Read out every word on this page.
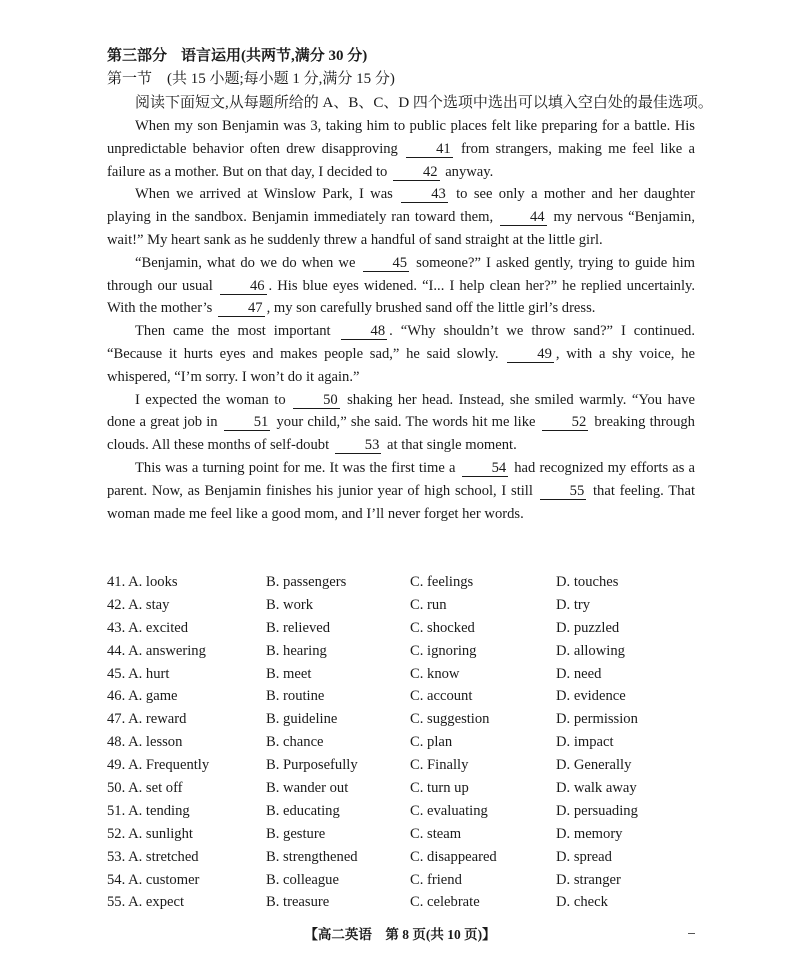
第三部分 语言运用(共两节,满分 30 分)
第一节　(共 15 小题;每小题 1 分,满分 15 分)
阅读下面短文,从每题所给的 A、B、C、D 四个选项中选出可以填入空白处的最佳选项。

When my son Benjamin was 3, taking him to public places felt like preparing for a battle. His unpredictable behavior often drew disapproving 41 from strangers, making me feel like a failure as a mother. But on that day, I decided to 42 anyway.

When we arrived at Winslow Park, I was 43 to see only a mother and her daughter playing in the sandbox. Benjamin immediately ran toward them, 44 my nervous “Benjamin, wait!” My heart sank as he suddenly threw a handful of sand straight at the little girl.

“Benjamin, what do we do when we 45 someone?” I asked gently, trying to guide him through our usual 46 . His blue eyes widened. “I... I help clean her?” he replied uncertainly. With the mother’s 47 , my son carefully brushed sand off the little girl’s dress.

Then came the most important 48 . “Why shouldn’t we throw sand?” I continued. “Because it hurts eyes and makes people sad,” he said slowly. 49 , with a shy voice, he whispered, “I’m sorry. I won’t do it again.”

I expected the woman to 50 shaking her head. Instead, she smiled warmly. “You have done a great job in 51 your child,” she said. The words hit me like 52 breaking through clouds. All these months of self-doubt 53 at that single moment.

This was a turning point for me. It was the first time a 54 had recognized my efforts as a parent. Now, as Benjamin finishes his junior year of high school, I still 55 that feeling. That woman made me feel like a good mom, and I’ll never forget her words.

41. A. looks	B. passengers	C. feelings	D. touches
42. A. stay	B. work	C. run	D. try
43. A. excited	B. relieved	C. shocked	D. puzzled
44. A. answering	B. hearing	C. ignoring	D. allowing
45. A. hurt	B. meet	C. know	D. need
46. A. game	B. routine	C. account	D. evidence
47. A. reward	B. guideline	C. suggestion	D. permission
48. A. lesson	B. chance	C. plan	D. impact
49. A. Frequently	B. Purposefully	C. Finally	D. Generally
50. A. set off	B. wander out	C. turn up	D. walk away
51. A. tending	B. educating	C. evaluating	D. persuading
52. A. sunlight	B. gesture	C. steam	D. memory
53. A. stretched	B. strengthened	C. disappeared	D. spread
54. A. customer	B. colleague	C. friend	D. stranger
55. A. expect	B. treasure	C. celebrate	D. check
【高二英语　第 8 页(共 10 页)】
